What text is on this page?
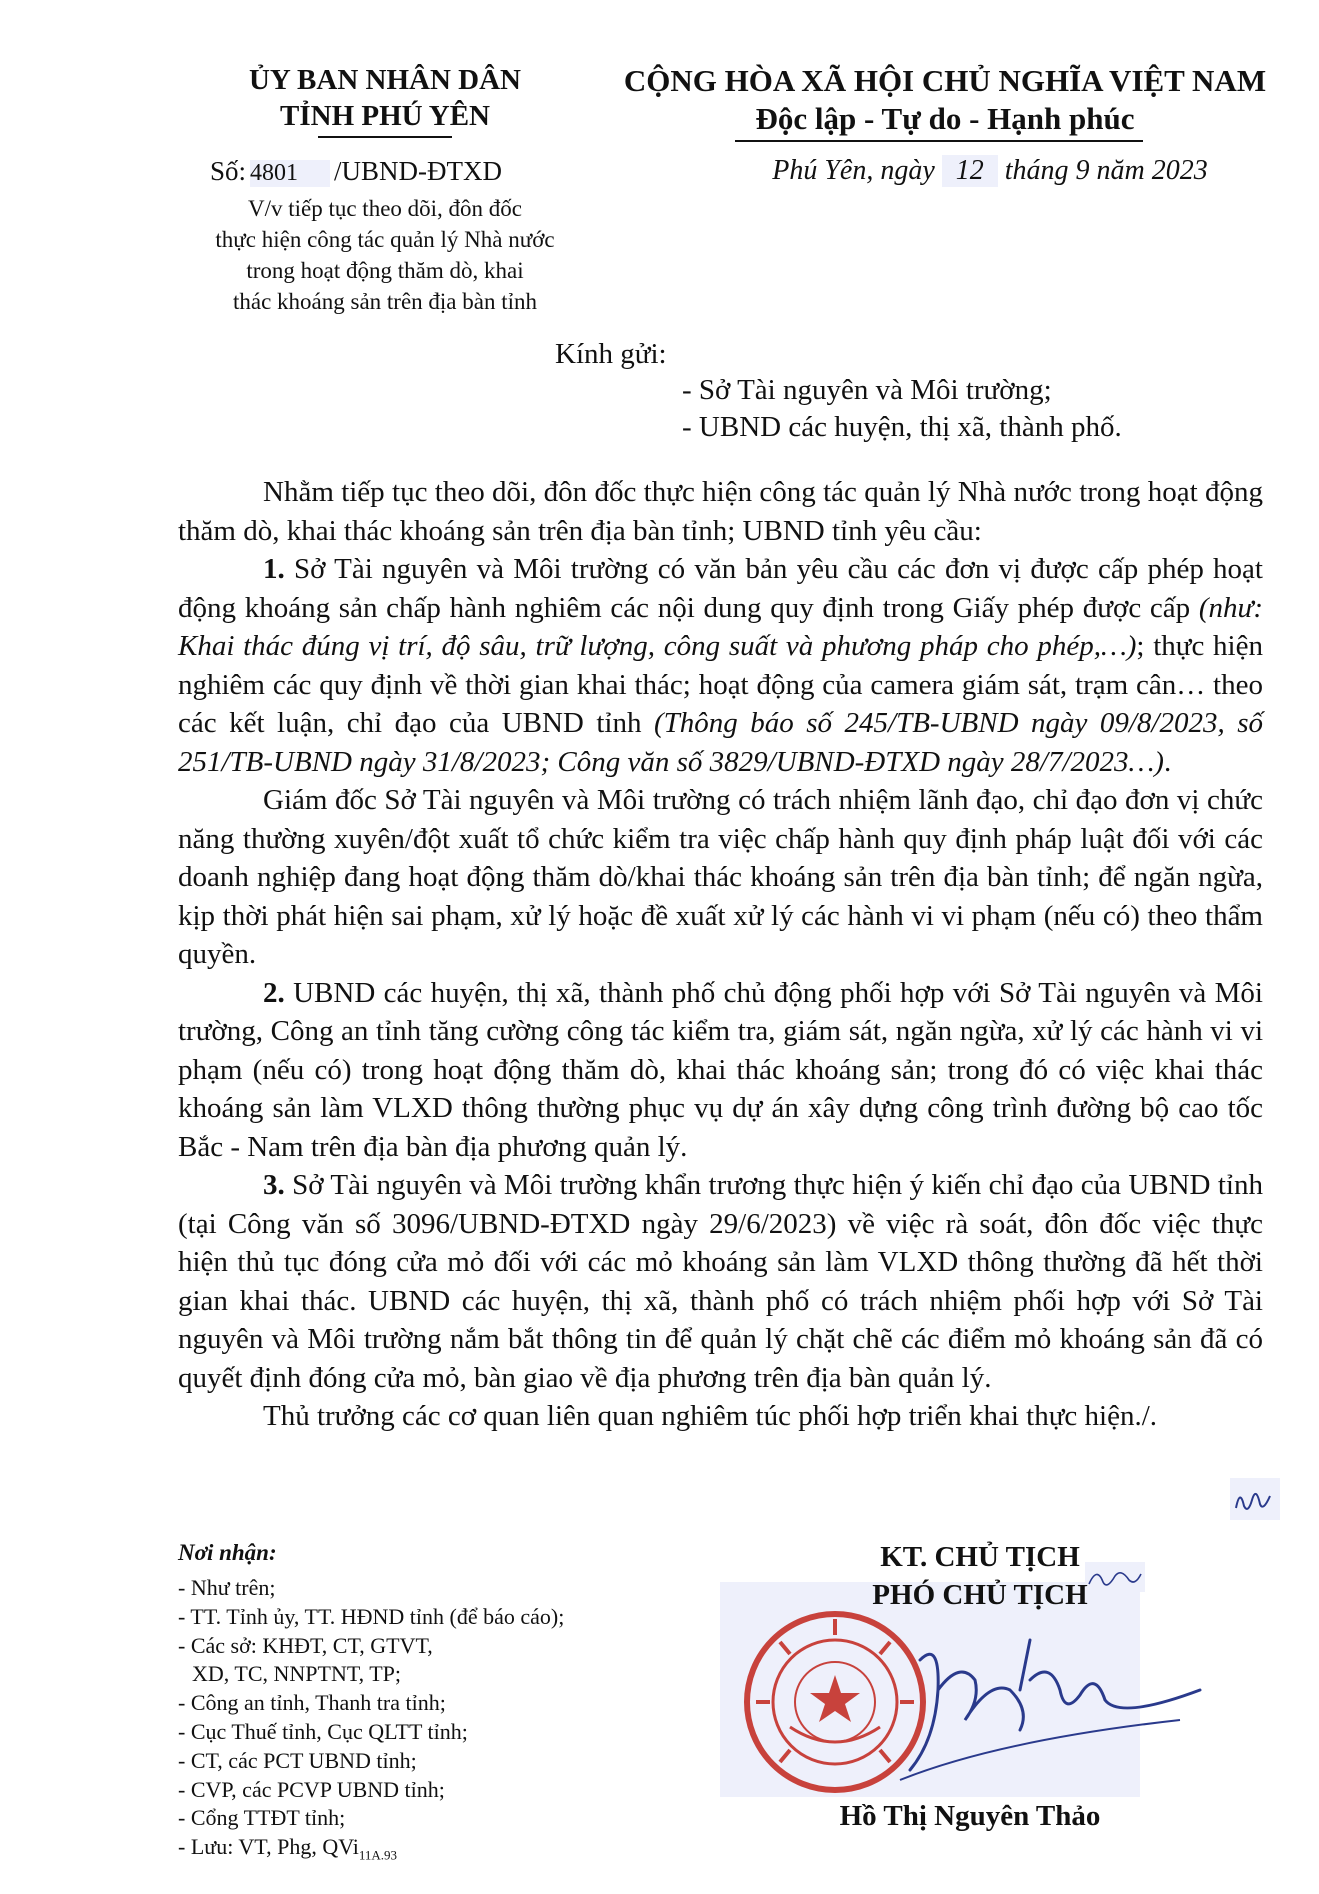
ỦY BAN NHÂN DÂN
TỈNH PHÚ YÊN
CỘNG HÒA XÃ HỘI CHỦ NGHĨA VIỆT NAM
Độc lập - Tự do - Hạnh phúc
Số: 4801 /UBND-ĐTXD
V/v tiếp tục theo dõi, đôn đốc
thực hiện công tác quản lý Nhà nước
trong hoạt động thăm dò, khai
thác khoáng sản trên địa bàn tỉnh
Phú Yên, ngày 12 tháng 9 năm 2023
Kính gửi:
- Sở Tài nguyên và Môi trường;
- UBND các huyện, thị xã, thành phố.

Nhằm tiếp tục theo dõi, đôn đốc thực hiện công tác quản lý Nhà nước trong hoạt động thăm dò, khai thác khoáng sản trên địa bàn tỉnh; UBND tỉnh yêu cầu:

1. Sở Tài nguyên và Môi trường có văn bản yêu cầu các đơn vị được cấp phép hoạt động khoáng sản chấp hành nghiêm các nội dung quy định trong Giấy phép được cấp (như: Khai thác đúng vị trí, độ sâu, trữ lượng, công suất và phương pháp cho phép,…); thực hiện nghiêm các quy định về thời gian khai thác; hoạt động của camera giám sát, trạm cân… theo các kết luận, chỉ đạo của UBND tỉnh (Thông báo số 245/TB-UBND ngày 09/8/2023, số 251/TB-UBND ngày 31/8/2023; Công văn số 3829/UBND-ĐTXD ngày 28/7/2023…).

Giám đốc Sở Tài nguyên và Môi trường có trách nhiệm lãnh đạo, chỉ đạo đơn vị chức năng thường xuyên/đột xuất tổ chức kiểm tra việc chấp hành quy định pháp luật đối với các doanh nghiệp đang hoạt động thăm dò/khai thác khoáng sản trên địa bàn tỉnh; để ngăn ngừa, kịp thời phát hiện sai phạm, xử lý hoặc đề xuất xử lý các hành vi vi phạm (nếu có) theo thẩm quyền.

2. UBND các huyện, thị xã, thành phố chủ động phối hợp với Sở Tài nguyên và Môi trường, Công an tỉnh tăng cường công tác kiểm tra, giám sát, ngăn ngừa, xử lý các hành vi vi phạm (nếu có) trong hoạt động thăm dò, khai thác khoáng sản; trong đó có việc khai thác khoáng sản làm VLXD thông thường phục vụ dự án xây dựng công trình đường bộ cao tốc Bắc - Nam trên địa bàn địa phương quản lý.

3. Sở Tài nguyên và Môi trường khẩn trương thực hiện ý kiến chỉ đạo của UBND tỉnh (tại Công văn số 3096/UBND-ĐTXD ngày 29/6/2023) về việc rà soát, đôn đốc việc thực hiện thủ tục đóng cửa mỏ đối với các mỏ khoáng sản làm VLXD thông thường đã hết thời gian khai thác. UBND các huyện, thị xã, thành phố có trách nhiệm phối hợp với Sở Tài nguyên và Môi trường nắm bắt thông tin để quản lý chặt chẽ các điểm mỏ khoáng sản đã có quyết định đóng cửa mỏ, bàn giao về địa phương trên địa bàn quản lý.

Thủ trưởng các cơ quan liên quan nghiêm túc phối hợp triển khai thực hiện./.

Nơi nhận:
- Như trên;
- TT. Tỉnh ủy, TT. HĐND tỉnh (để báo cáo);
- Các sở: KHĐT, CT, GTVT,
XD, TC, NNPTNT, TP;
- Công an tỉnh, Thanh tra tỉnh;
- Cục Thuế tỉnh, Cục QLTT tỉnh;
- CT, các PCT UBND tỉnh;
- CVP, các PCVP UBND tỉnh;
- Cổng TTĐT tỉnh;
- Lưu: VT, Phg, QVi$_{11A.93}$
KT. CHỦ TỊCH
PHÓ CHỦ TỊCH
Hồ Thị Nguyên Thảo
